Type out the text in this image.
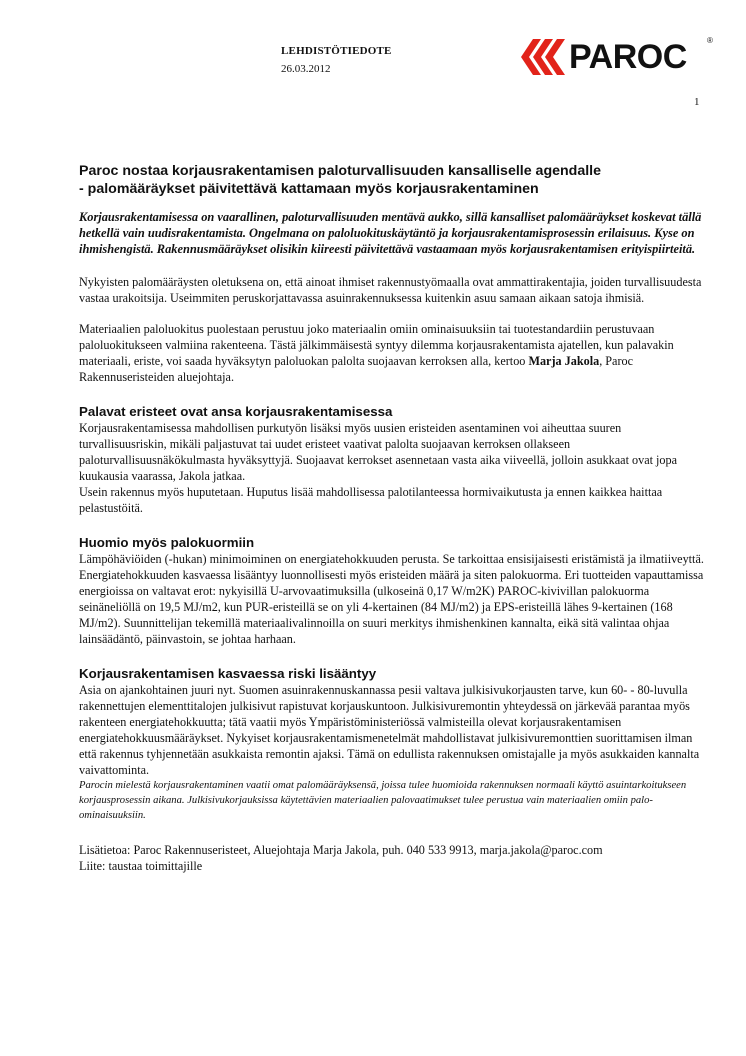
LEHDISTÖTIEDOTE
26.03.2012	PAROC	®
1
Paroc nostaa korjausrakentamisen paloturvallisuuden kansalliselle agendalle
- palomääräykset päivitettävä kattamaan myös korjausrakentaminen

Korjausrakentamisessa on vaarallinen, paloturvallisuuden mentävä aukko, sillä kansalliset palomääräykset koskevat tällä hetkellä vain uudisrakentamista. Ongelmana on paloluokituskäytäntö ja korjausrakentamisprosessin erilaisuus. Kyse on ihmishengistä. Rakennusmääräykset olisikin kiireesti päivitettävä vastaamaan myös korjausrakentamisen erityispiirteitä.

Nykyisten palomääräysten oletuksena on, että ainoat ihmiset rakennustyömaalla ovat ammattirakentajia, joiden turvallisuudesta vastaa urakoitsija. Useimmiten peruskorjattavassa asuinrakennuksessa kuitenkin asuu samaan aikaan satoja ihmisiä.

Materiaalien paloluokitus puolestaan perustuu joko materiaalin omiin ominaisuuksiin tai tuotestandardiin perustuvaan paloluokitukseen valmiina rakenteena. Tästä jälkimmäisestä syntyy dilemma korjausrakentamista ajatellen, kun palavakin materiaali, eriste, voi saada hyväksytyn paloluokan palolta suojaavan kerroksen alla, kertoo Marja Jakola, Paroc Rakennuseristeiden aluejohtaja.

Palavat eristeet ovat ansa korjausrakentamisessa

Korjausrakentamisessa mahdollisen purkutyön lisäksi myös uusien eristeiden asentaminen voi aiheuttaa suuren turvallisuusriskin, mikäli paljastuvat tai uudet eristeet vaativat palolta suojaavan kerroksen ollakseen paloturvallisuusnäkökulmasta hyväksyttyjä. Suojaavat kerrokset asennetaan vasta aika viiveellä, jolloin asukkaat ovat jopa kuukausia vaarassa, Jakola jatkaa.

Usein rakennus myös huputetaan. Huputus lisää mahdollisessa palotilanteessa hormivaikutusta ja ennen kaikkea haittaa pelastustöitä.

Huomio myös palokuormiin

Lämpöhäviöiden (-hukan) minimoiminen on energiatehokkuuden perusta. Se tarkoittaa ensisijaisesti eristämistä ja ilmatiiveyttä. Energiatehokkuuden kasvaessa lisääntyy luonnollisesti myös eristeiden määrä ja siten palokuorma. Eri tuotteiden vapauttamissa energioissa on valtavat erot: nykyisillä U-arvovaatimuksilla (ulkoseinä 0,17 W/m2K) PAROC-kivivillan palokuorma seinäneliöllä on 19,5 MJ/m2, kun PUR-eristeillä se on yli 4-kertainen (84 MJ/m2) ja EPS-eristeillä lähes 9-kertainen (168 MJ/m2). Suunnittelijan tekemillä materiaalivalinnoilla on suuri merkitys ihmishenkinen kannalta, eikä sitä valintaa ohjaa lainsäädäntö, päinvastoin, se johtaa harhaan.

Korjausrakentamisen kasvaessa riski lisääntyy

Asia on ajankohtainen juuri nyt. Suomen asuinrakennuskannassa pesii valtava julkisivukorjausten tarve, kun 60- - 80-luvulla rakennettujen elementtitalojen julkisivut rapistuvat korjauskuntoon. Julkisivuremontin yhteydessä on järkevää parantaa myös rakenteen energiatehokkuutta; tätä vaatii myös Ympäristöministeriössä valmisteilla olevat korjausrakentamisen energiatehokkuusmääräykset. Nykyiset korjausrakentamismenetelmät mahdollistavat julkisivuremonttien suorittamisen ilman että rakennus tyhjennetään asukkaista remontin ajaksi. Tämä on edullista rakennuksen omistajalle ja myös asukkaiden kannalta vaivattominta.

Parocin mielestä korjausrakentaminen vaatii omat palomääräyksensä, joissa tulee huomioida rakennuksen normaali käyttö asuintarkoitukseen korjausprosessin aikana. Julkisivukorjauksissa käytettävien materiaalien palovaatimukset tulee perustua vain materiaalien omiin palo-ominaisuuksiin.

Lisätietoa: Paroc Rakennuseristeet, Aluejohtaja Marja Jakola, puh. 040 533 9913, marja.jakola@paroc.com
Liite: taustaa toimittajille
